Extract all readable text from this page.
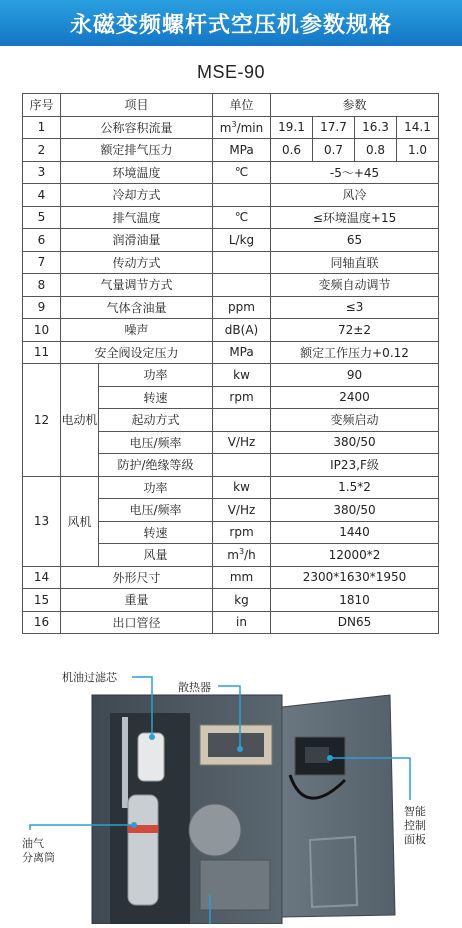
永磁变频螺杆式空压机参数规格
MSE-90
序号	项目		单位	参数			
1	公称容积流量		$m^3/\min$	19.1	17.7	16.3	14.1
2	额定排气压力		MPa	0.6	0.7	0.8	1.0
3	环境温度		℃	-5～+45			
4	冷却方式			风冷			
5	排气温度		℃	≤环境温度+15			
6	润滑油量		L/kg	65			
7	传动方式			同轴直联			
8	气量调节方式			变频自动调节			
9	气体含油量		ppm	≤3			
10	噪声		dB(A)	72±2			
11	安全阀设定压力		MPa	额定工作压力+0.12			
12	电动机	功率	kw	90			
		转速	rpm	2400			
		起动方式		变频启动			
		电压/频率	V/Hz	380/50			
		防护/绝缘等级		IP23,F级			
13	风机	功率	kw	1.5*2			
		电压/频率	V/Hz	380/50			
		转速	rpm	1440			
		风量	$m^3/h$	12000*2			
14	外形尺寸		mm	2300*1630*1950			
15	重量		kg	1810			
16	出口管径		in	DN65			
机油过滤芯
散热器
智能
控制
面板
油气
分离筒
